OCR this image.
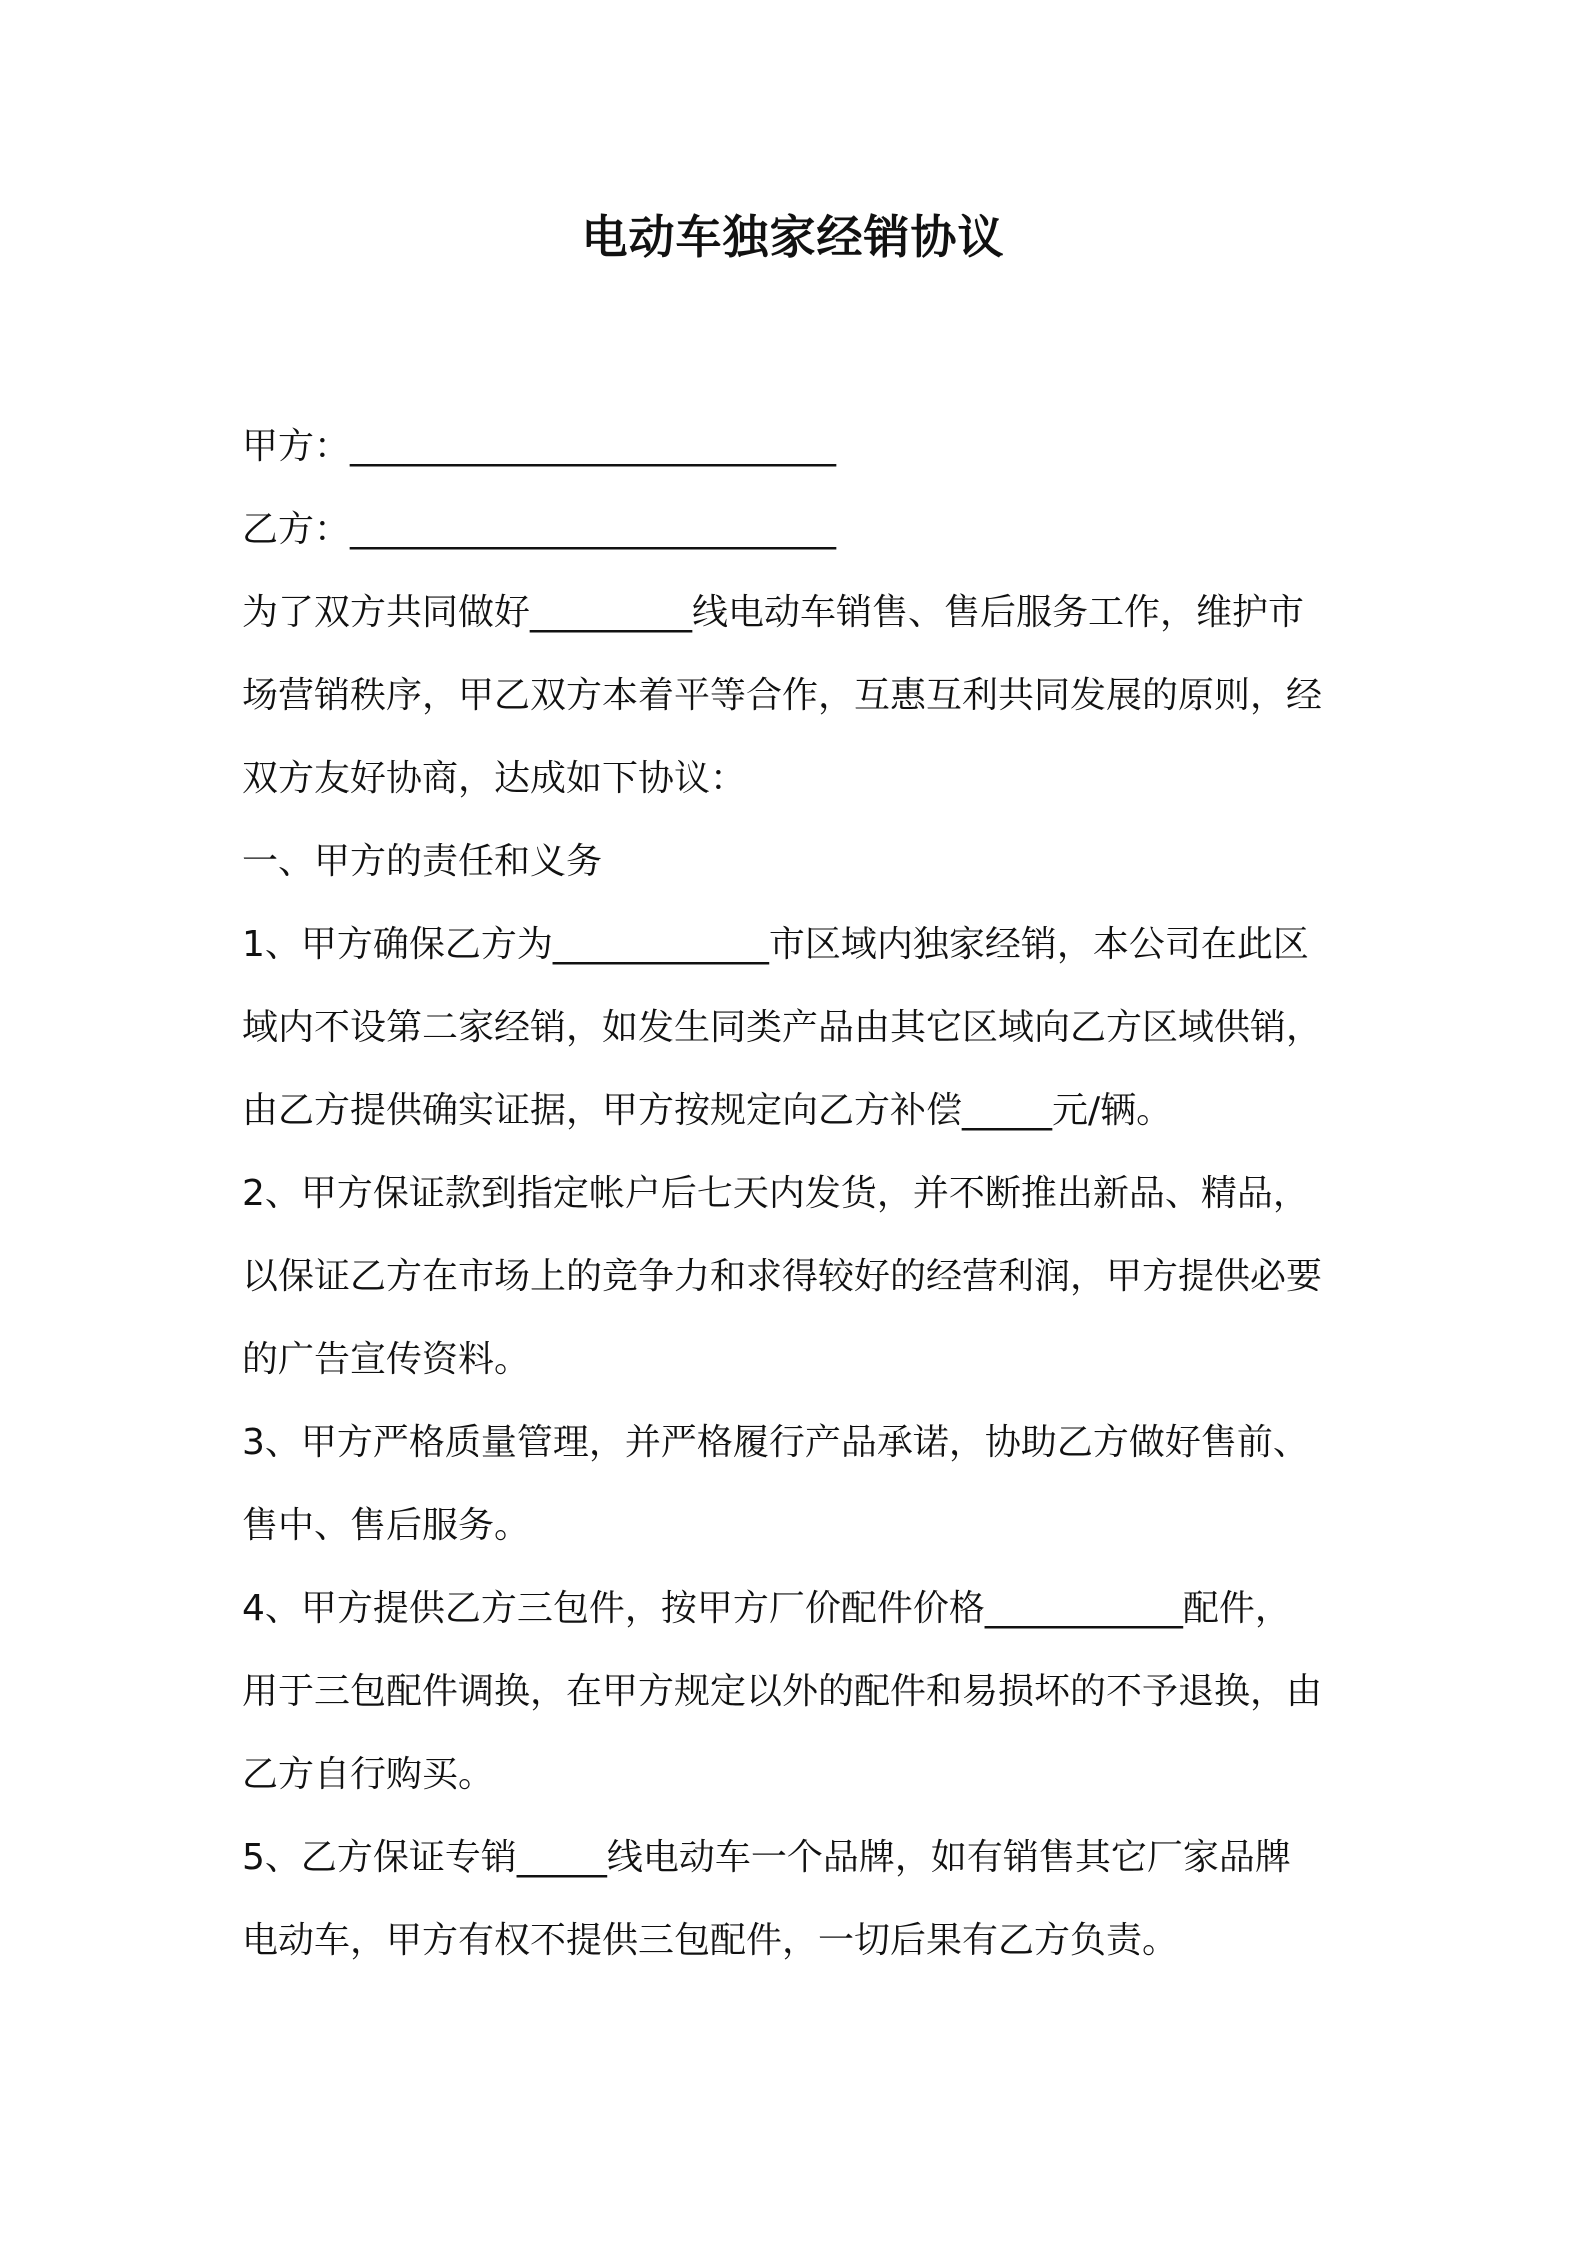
电动车独家经销协议
甲方：___________________________
乙方：___________________________
为了双方共同做好_________线电动车销售、售后服务工作，维护市
场营销秩序，甲乙双方本着平等合作，互惠互利共同发展的原则，经
双方友好协商，达成如下协议：
一、甲方的责任和义务
1、甲方确保乙方为____________市区域内独家经销，本公司在此区
域内不设第二家经销，如发生同类产品由其它区域向乙方区域供销，
由乙方提供确实证据，甲方按规定向乙方补偿_____元/辆。
2、甲方保证款到指定帐户后七天内发货，并不断推出新品、精品，
以保证乙方在市场上的竞争力和求得较好的经营利润，甲方提供必要
的广告宣传资料。
3、甲方严格质量管理，并严格履行产品承诺，协助乙方做好售前、
售中、售后服务。
4、甲方提供乙方三包件，按甲方厂价配件价格___________配件，
用于三包配件调换，在甲方规定以外的配件和易损坏的不予退换，由
乙方自行购买。
5、乙方保证专销_____线电动车一个品牌，如有销售其它厂家品牌
电动车，甲方有权不提供三包配件，一切后果有乙方负责。
